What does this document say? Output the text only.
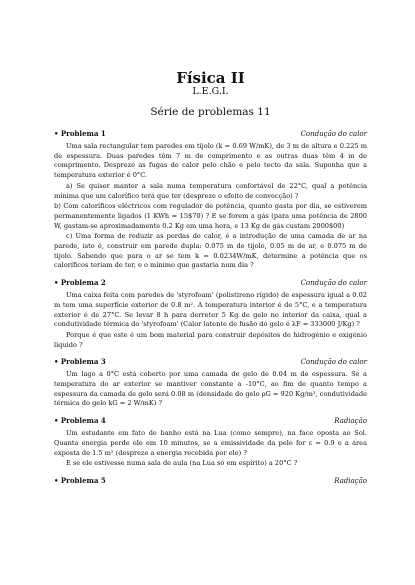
Física II
L.E.G.I.
Série de problemas 11
• Problema 1	Condução do calor

Uma sala rectangular tem paredes em tijolo (k = 0.69 W/mK), de 3 m de altura e 0.225 m de espessura. Duas paredes têm 7 m de comprimento e as outras duas têm 4 m de comprimento. Despreze as fugas de calor pelo chão e pelo tecto da sala. Suponha que a temperatura exterior é 0°C.

a) Se quiser manter a sala numa temperatura confortável de 22°C, qual a potência mínima que um calorífico terá que ter (despreze o efeito de convecção) ?

b) Com caloríficos eléctricos com regulador de potência, quanto gasta por dia, se estiverem permanentemente ligados (1 KWh = 15$70) ? E se forem a gás (para uma potência de 2800 W, gastam-se aproximadamente 0.2 Kg em uma hora, e 13 Kg de gás custam 2000$00)

c) Uma forma de reduzir as perdas de calor, é a introdução de uma camada de ar na parede, isto é, construir em parede dupla: 0.075 m de tijolo, 0.05 m de ar, e 0.075 m de tijolo. Sabendo que para o ar se tem k = 0.0234W/mK, determine a potência que os caloríficos teriam de ter, e o mínimo que gastaria num dia ?

• Problema 2	Condução do calor

Uma caixa feita com paredes de 'styrofoam' (polistireno rígido) de espessura igual a 0.02 m tem uma superfície exterior de 0.8 m². A temperatura interior é de 5°C, e a temperatura exterior é de 27°C. Se levar 8 h para derreter 5 Kg de gelo no interior da caixa, qual a condutividade térmica do 'styrofoam' (Calor latente de fusão do gelo é λF = 333000 J/Kg) ?

Porque é que este é um bom material para construir depósitos de hidrogénio e oxigénio líquido ?

• Problema 3	Condução do calor

Um lago a 0°C está coberto por uma camada de gelo de 0.04 m de espessura. Se a temperatura do ar exterior se mantiver constante a -10°C, ao fim de quanto tempo a espessura da camada de gelo será 0.08 m (densidade do gelo ρG = 920 Kg/m³, condutividade térmica do gelo kG = 2 W/mK) ?

• Problema 4	Radiação

Um estudante em fato de banho está na Lua (como sempre), na face oposta ao Sol. Quanta energia perde ele em 10 minutos, se a emissividade da pele for ε = 0.9 e a área exposta de 1.5 m² (despreze a energia recebida por ele) ?

E se ele estivesse numa sala de aula (na Lua só em espírito) a 20°C ?

• Problema 5	Radiação
